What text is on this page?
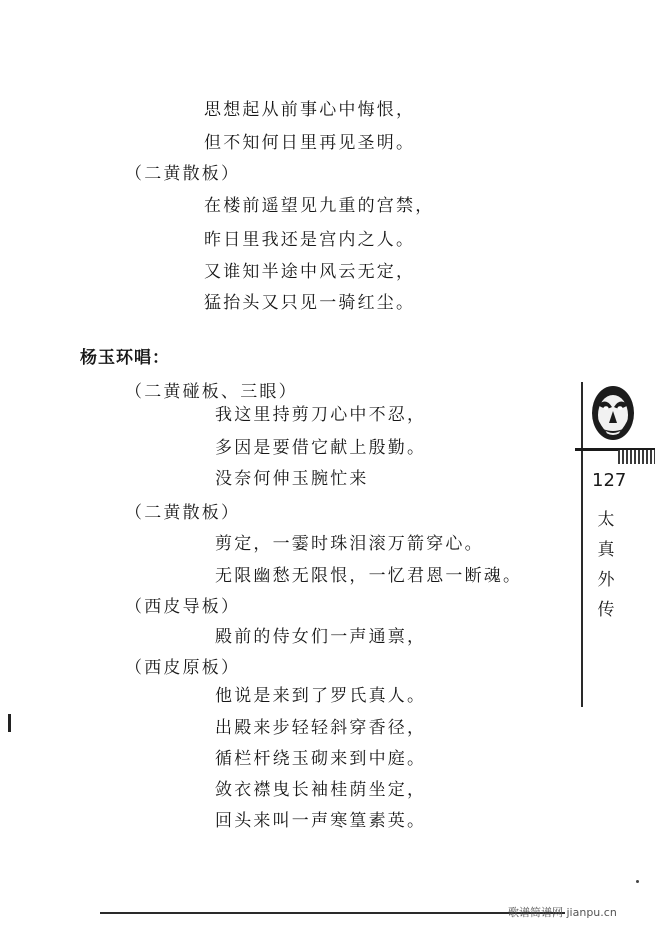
思想起从前事心中悔恨，
但不知何日里再见圣明。
（二黄散板）
在楼前遥望见九重的宫禁，
昨日里我还是宫内之人。
又谁知半途中风云无定，
猛抬头又只见一骑红尘。
杨玉环唱：
（二黄碰板、三眼）
我这里持剪刀心中不忍，
多因是要借它献上殷勤。
没奈何伸玉腕忙来
（二黄散板）
剪定，一霎时珠泪滚万箭穿心。
无限幽愁无限恨，一忆君恩一断魂。
（西皮导板）
殿前的侍女们一声通禀，
（西皮原板）
他说是来到了罗氏真人。
出殿来步轻轻斜穿香径，
循栏杆绕玉砌来到中庭。
敛衣襟曳长袖桂荫坐定，
回头来叫一声寒篁素英。
127
太
真
外
传
歌谱简谱网 jianpu.cn
